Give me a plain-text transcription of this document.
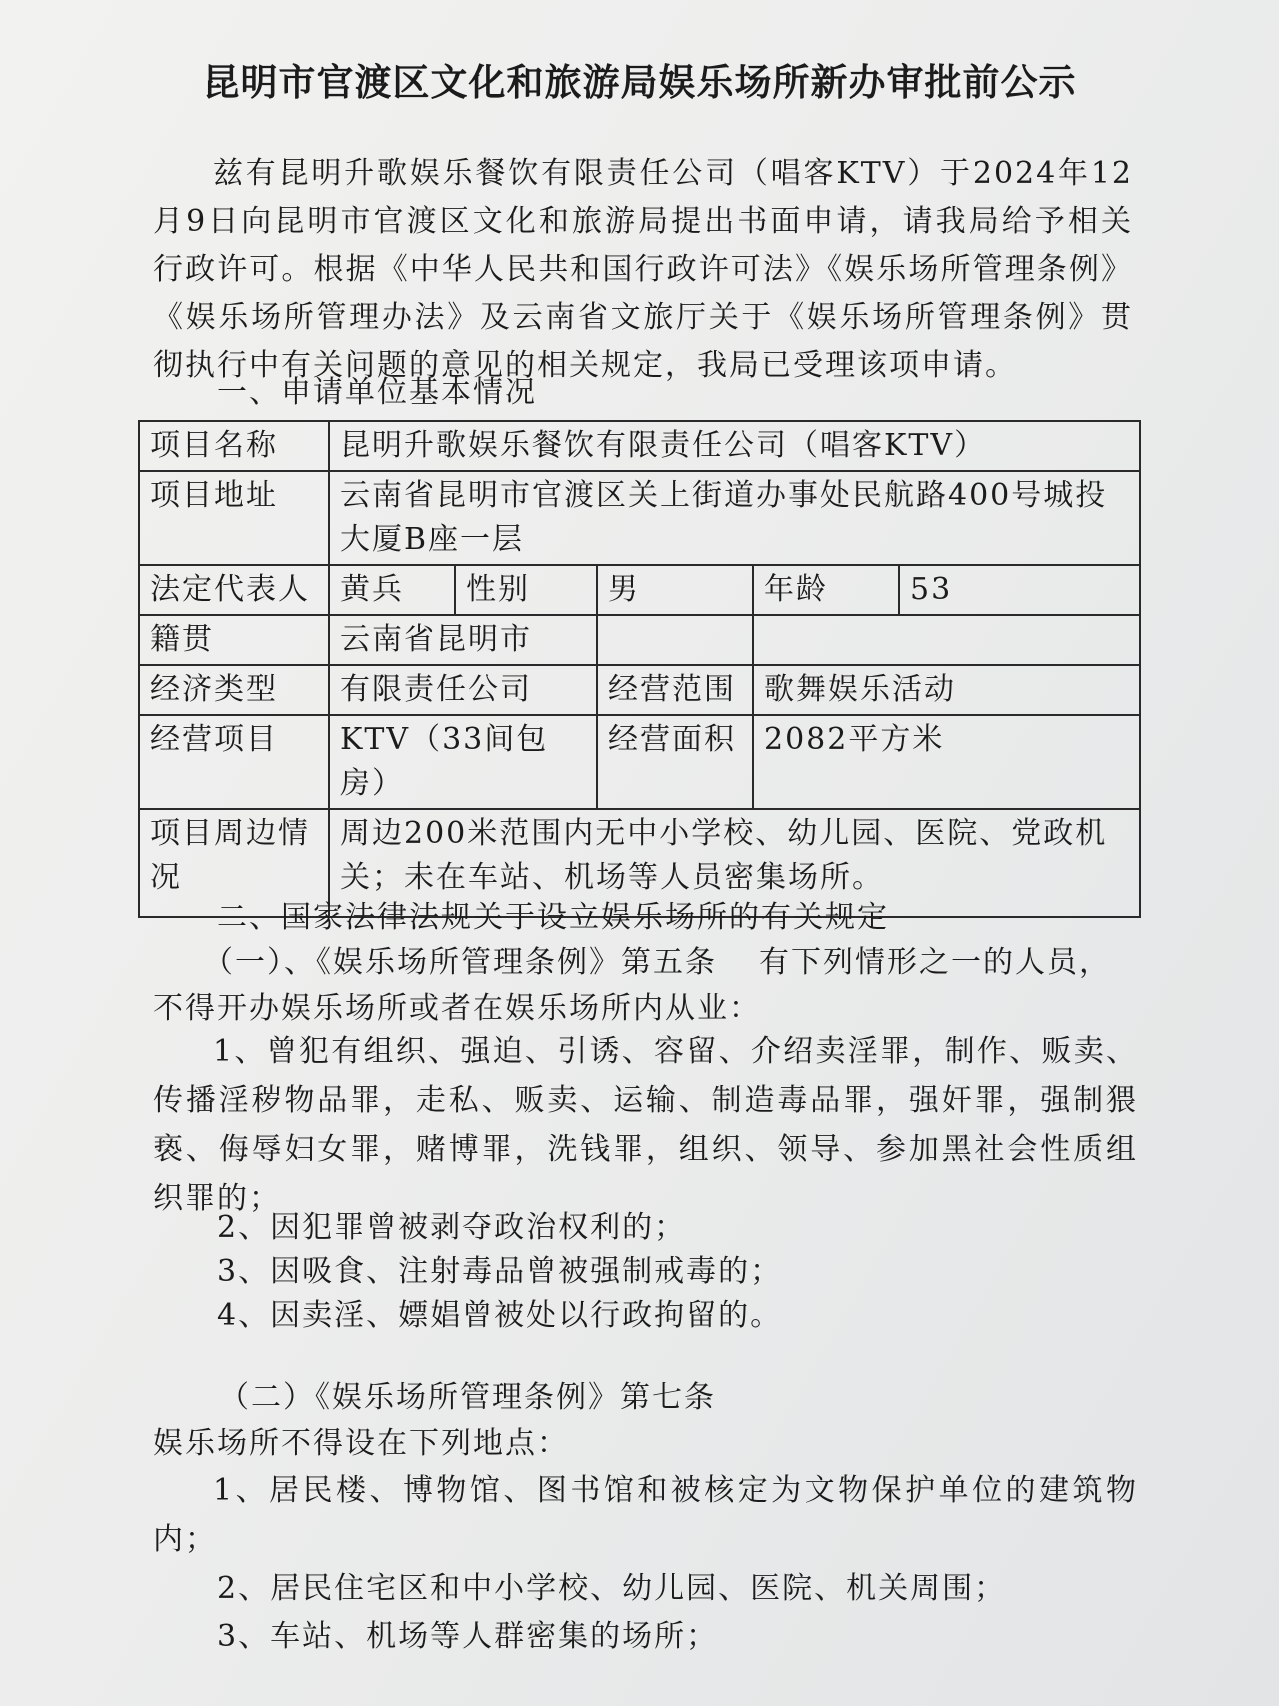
昆明市官渡区文化和旅游局娱乐场所新办审批前公示

兹有昆明升歌娱乐餐饮有限责任公司（唱客KTV）于2024年12月9日向昆明市官渡区文化和旅游局提出书面申请，请我局给予相关行政许可。根据《中华人民共和国行政许可法》《娱乐场所管理条例》《娱乐场所管理办法》及云南省文旅厅关于《娱乐场所管理条例》贯彻执行中有关问题的意见的相关规定，我局已受理该项申请。

一、申请单位基本情况
项目名称	昆明升歌娱乐餐饮有限责任公司（唱客KTV）				
项目地址	云南省昆明市官渡区关上街道办事处民航路400号城投大厦B座一层				
法定代表人	黄兵	性别	男	年龄	53
籍贯	云南省昆明市				
经济类型	有限责任公司		经营范围	歌舞娱乐活动	
经营项目	KTV（33间包房）		经营面积	2082平方米	
项目周边情况	周边200米范围内无中小学校、幼儿园、医院、党政机关；未在车站、机场等人员密集场所。				
二、国家法律法规关于设立娱乐场所的有关规定
（一）、《娱乐场所管理条例》第五条 有下列情形之一的人员，
不得开办娱乐场所或者在娱乐场所内从业：

1、曾犯有组织、强迫、引诱、容留、介绍卖淫罪，制作、贩卖、传播淫秽物品罪，走私、贩卖、运输、制造毒品罪，强奸罪，强制猥亵、侮辱妇女罪，赌博罪，洗钱罪，组织、领导、参加黑社会性质组织罪的；

2、因犯罪曾被剥夺政治权利的；
3、因吸食、注射毒品曾被强制戒毒的；
4、因卖淫、嫖娼曾被处以行政拘留的。
（二）《娱乐场所管理条例》第七条
娱乐场所不得设在下列地点：

1、居民楼、博物馆、图书馆和被核定为文物保护单位的建筑物内；

2、居民住宅区和中小学校、幼儿园、医院、机关周围；
3、车站、机场等人群密集的场所；
